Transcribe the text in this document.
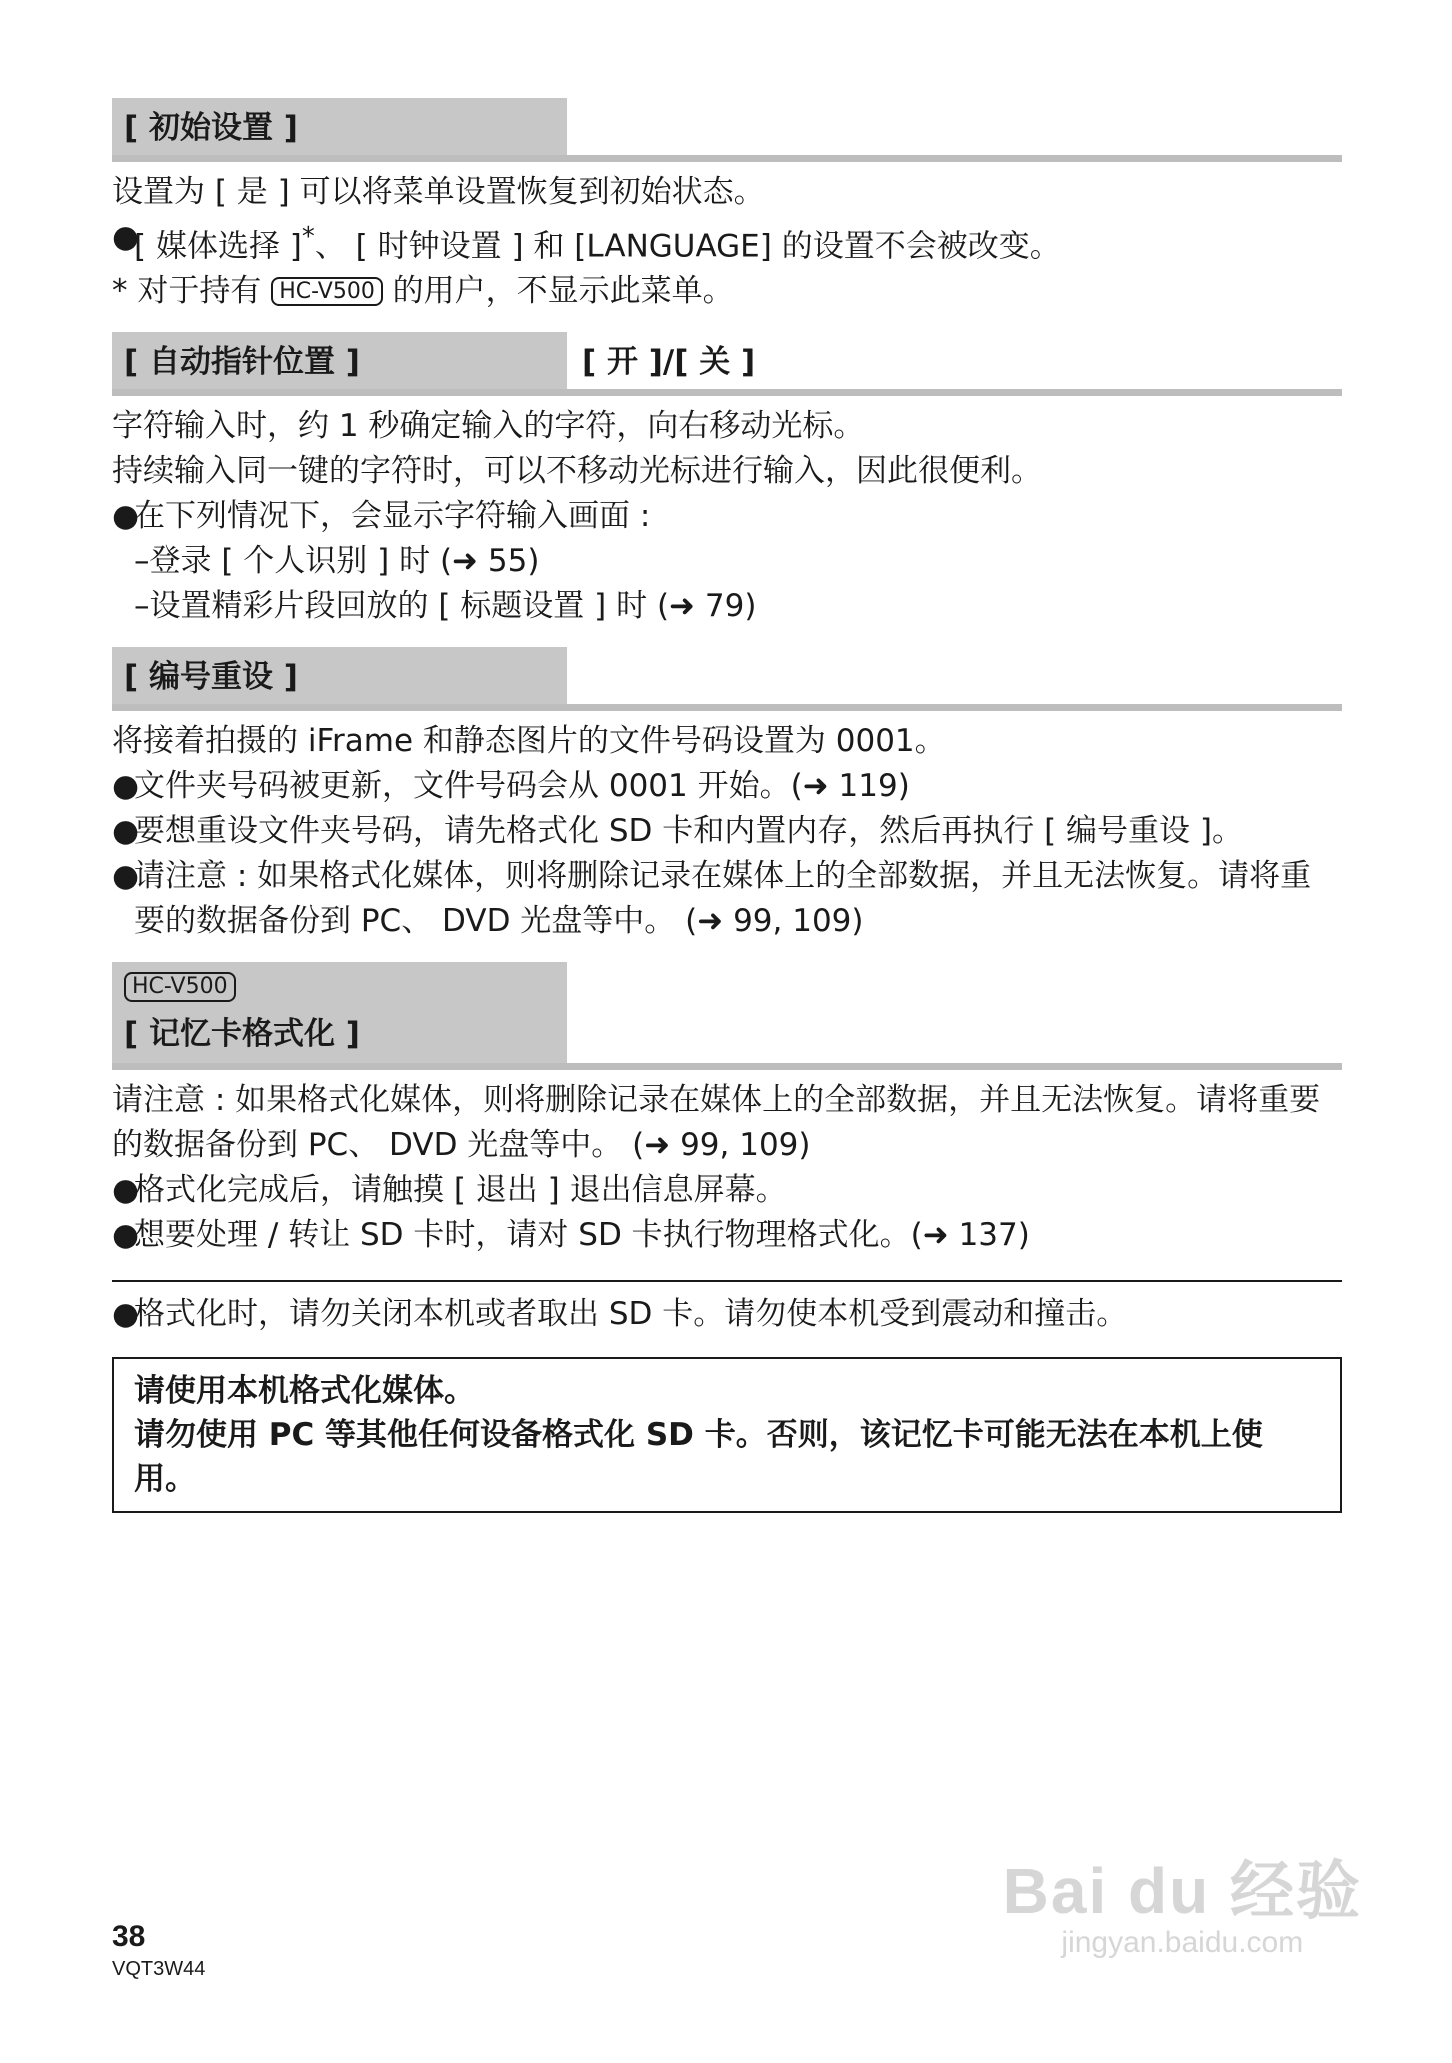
[ 初始设置 ]
设置为 [ 是 ] 可以将菜单设置恢复到初始状态。
●
[ 媒体选择 ]*、 [ 时钟设置 ] 和 [LANGUAGE] 的设置不会被改变。
* 对于持有 HC-V500 的用户，不显示此菜单。
[ 自动指针位置 ]	[ 开 ]/[ 关 ]
字符输入时，约 1 秒确定输入的字符，向右移动光标。
持续输入同一键的字符时，可以不移动光标进行输入，因此很便利。
●
在下列情况下，会显示字符输入画面 :
–登录 [ 个人识别 ] 时 (➜ 55)
–设置精彩片段回放的 [ 标题设置 ] 时 (➜ 79)
[ 编号重设 ]
将接着拍摄的 iFrame 和静态图片的文件号码设置为 0001。
●
文件夹号码被更新，文件号码会从 0001 开始。(➜ 119)
●
要想重设文件夹号码，请先格式化 SD 卡和内置内存，然后再执行 [ 编号重设 ]。
●
请注意 : 如果格式化媒体，则将删除记录在媒体上的全部数据，并且无法恢复。请将重要的数据备份到 PC、 DVD 光盘等中。 (➜ 99, 109)
HC-V500
[ 记忆卡格式化 ]
请注意 : 如果格式化媒体，则将删除记录在媒体上的全部数据，并且无法恢复。请将重要的数据备份到 PC、 DVD 光盘等中。 (➜ 99, 109)
●
格式化完成后，请触摸 [ 退出 ] 退出信息屏幕。
●
想要处理 / 转让 SD 卡时，请对 SD 卡执行物理格式化。(➜ 137)
●
格式化时，请勿关闭本机或者取出 SD 卡。请勿使本机受到震动和撞击。
请使用本机格式化媒体。
请勿使用 PC 等其他任何设备格式化 SD 卡。否则，该记忆卡可能无法在本机上使用。
Bai du 经验
jingyan.baidu.com
38
VQT3W44
